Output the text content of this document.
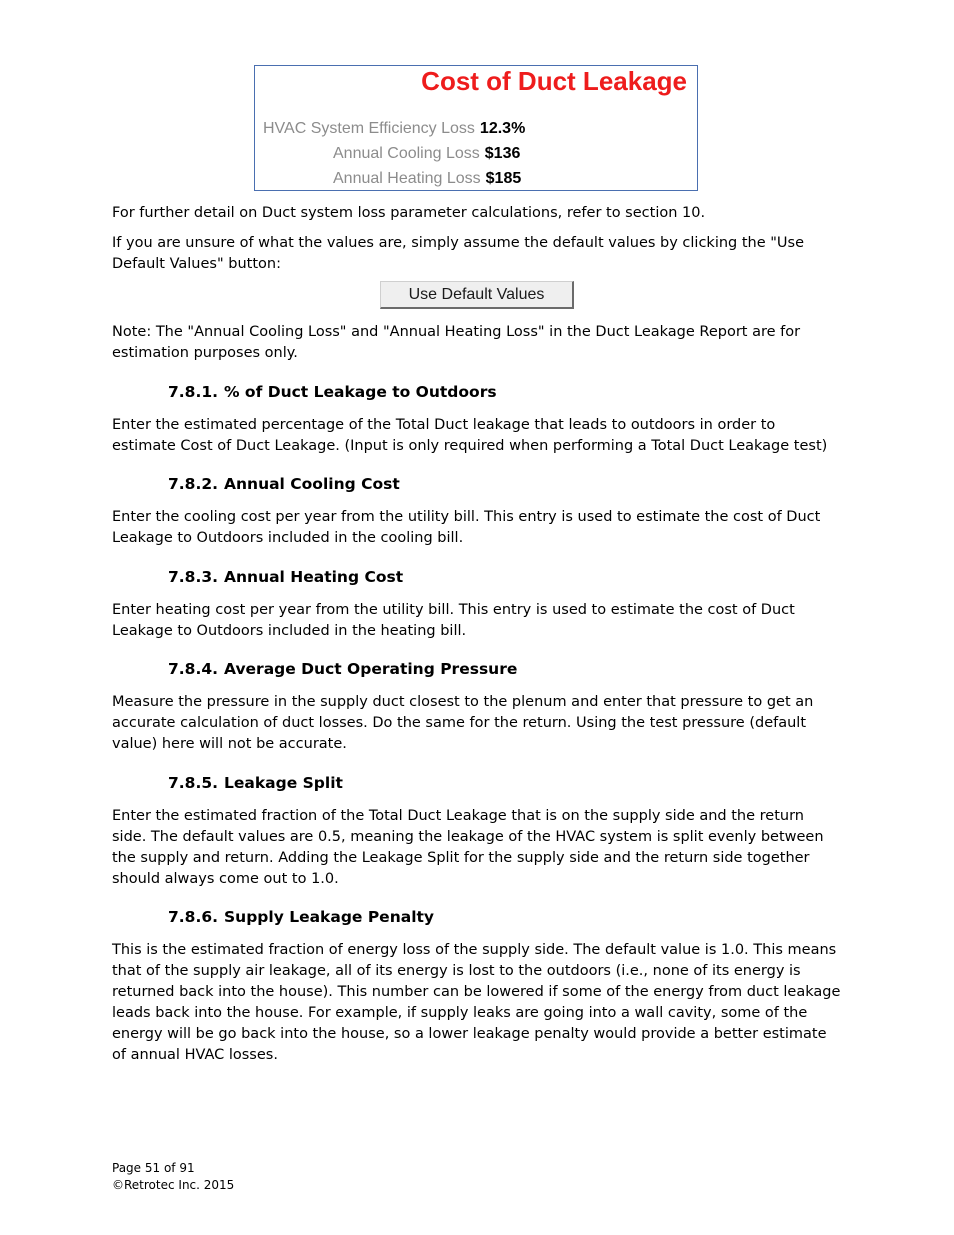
Cost of Duct Leakage
HVAC System Efficiency Loss 12.3%
Annual Cooling Loss $136
Annual Heating Loss $185
For further detail on Duct system loss parameter calculations, refer to section 10.
If you are unsure of what the values are, simply assume the default values by clicking the "Use Default Values" button:
Use Default Values
Note: The "Annual Cooling Loss" and "Annual Heating Loss" in the Duct Leakage Report are for estimation purposes only.
7.8.1. % of Duct Leakage to Outdoors
Enter the estimated percentage of the Total Duct leakage that leads to outdoors in order to estimate Cost of Duct Leakage. (Input is only required when performing a Total Duct Leakage test)
7.8.2. Annual Cooling Cost
Enter the cooling cost per year from the utility bill. This entry is used to estimate the cost of Duct Leakage to Outdoors included in the cooling bill.
7.8.3. Annual Heating Cost
Enter heating cost per year from the utility bill. This entry is used to estimate the cost of Duct Leakage to Outdoors included in the heating bill.
7.8.4. Average Duct Operating Pressure
Measure the pressure in the supply duct closest to the plenum and enter that pressure to get an accurate calculation of duct losses. Do the same for the return. Using the test pressure (default value) here will not be accurate.
7.8.5. Leakage Split
Enter the estimated fraction of the Total Duct Leakage that is on the supply side and the return side. The default values are 0.5, meaning the leakage of the HVAC system is split evenly between the supply and return. Adding the Leakage Split for the supply side and the return side together should always come out to 1.0.
7.8.6. Supply Leakage Penalty
This is the estimated fraction of energy loss of the supply side. The default value is 1.0. This means that of the supply air leakage, all of its energy is lost to the outdoors (i.e., none of its energy is returned back into the house). This number can be lowered if some of the energy from duct leakage leads back into the house. For example, if supply leaks are going into a wall cavity, some of the energy will be go back into the house, so a lower leakage penalty would provide a better estimate of annual HVAC losses.
Page 51 of 91
©Retrotec Inc. 2015
